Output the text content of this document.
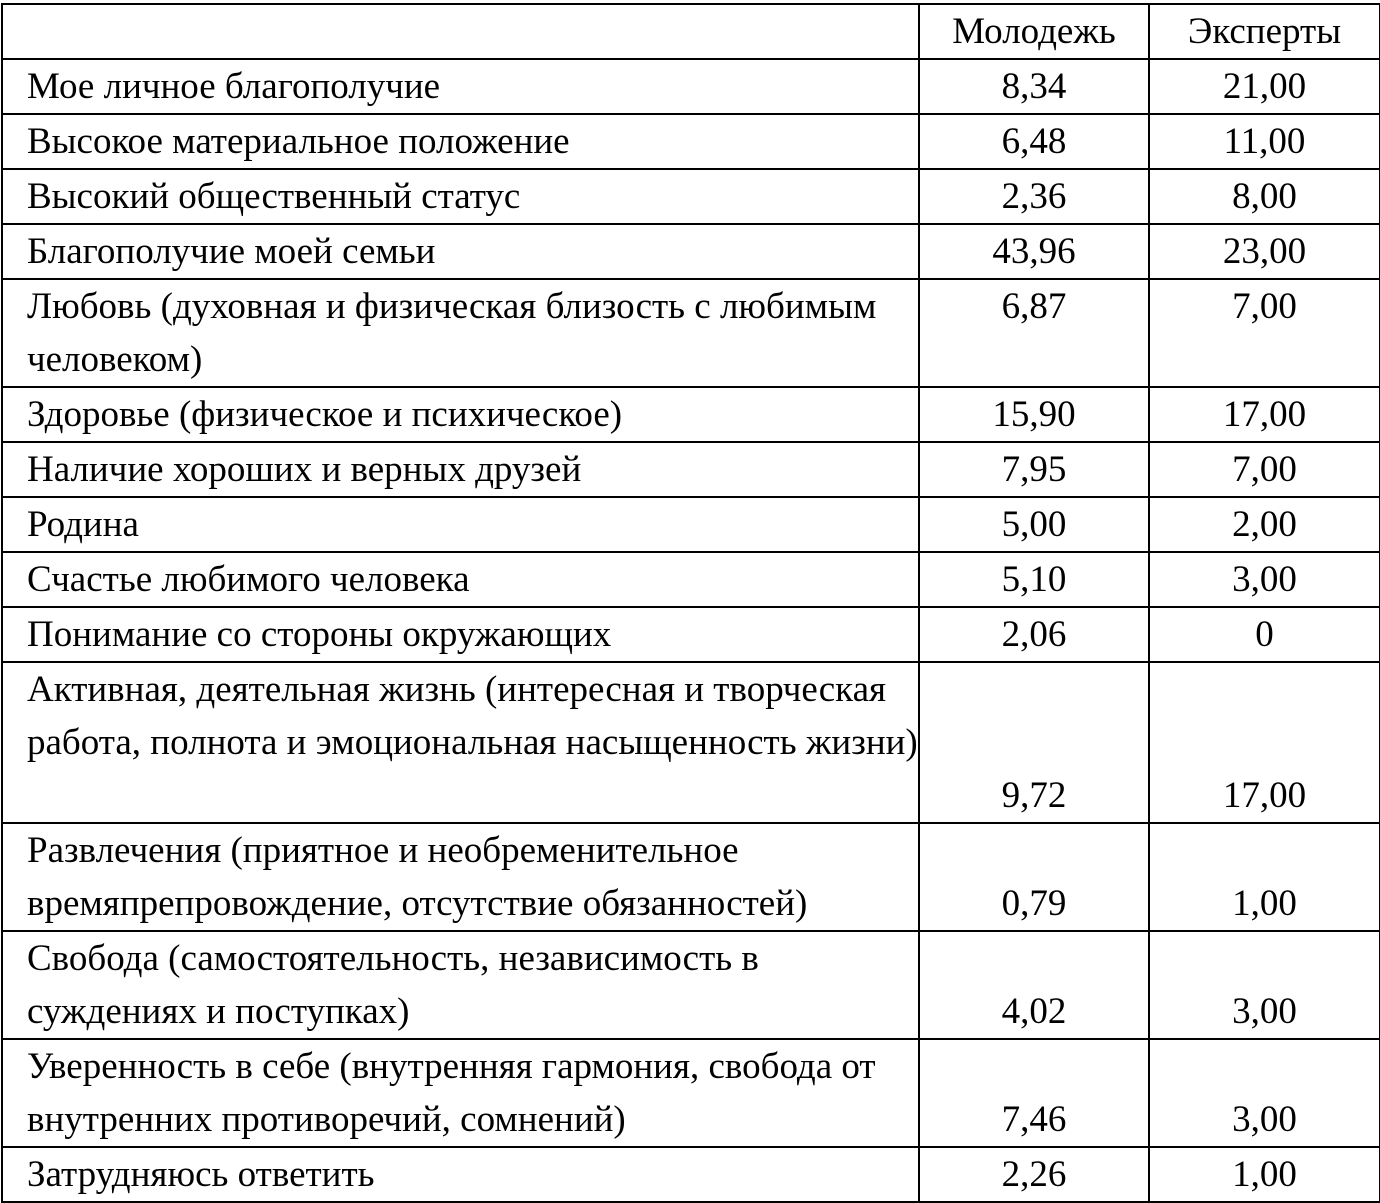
	Молодежь	Эксперты
Мое личное благополучие	8,34	21,00
Высокое материальное положение	6,48	11,00
Высокий общественный статус	2,36	8,00
Благополучие моей семьи	43,96	23,00
Любовь (духовная и физическая близость с любимым человеком)	6,87	7,00
Здоровье (физическое и психическое)	15,90	17,00
Наличие хороших и верных друзей	7,95	7,00
Родина	5,00	2,00
Счастье любимого человека	5,10	3,00
Понимание со стороны окружающих	2,06	0
Активная, деятельная жизнь (интересная и творческая работа, полнота и эмоциональная насыщенность жизни)	9,72	17,00
Развлечения (приятное и необременительное времяпрепровождение, отсутствие обязанностей)	0,79	1,00
Свобода (самостоятельность, независимость в суждениях и поступках)	4,02	3,00
Уверенность в себе (внутренняя гармония, свобода от внутренних противоречий, сомнений)	7,46	3,00
Затрудняюсь ответить	2,26	1,00
